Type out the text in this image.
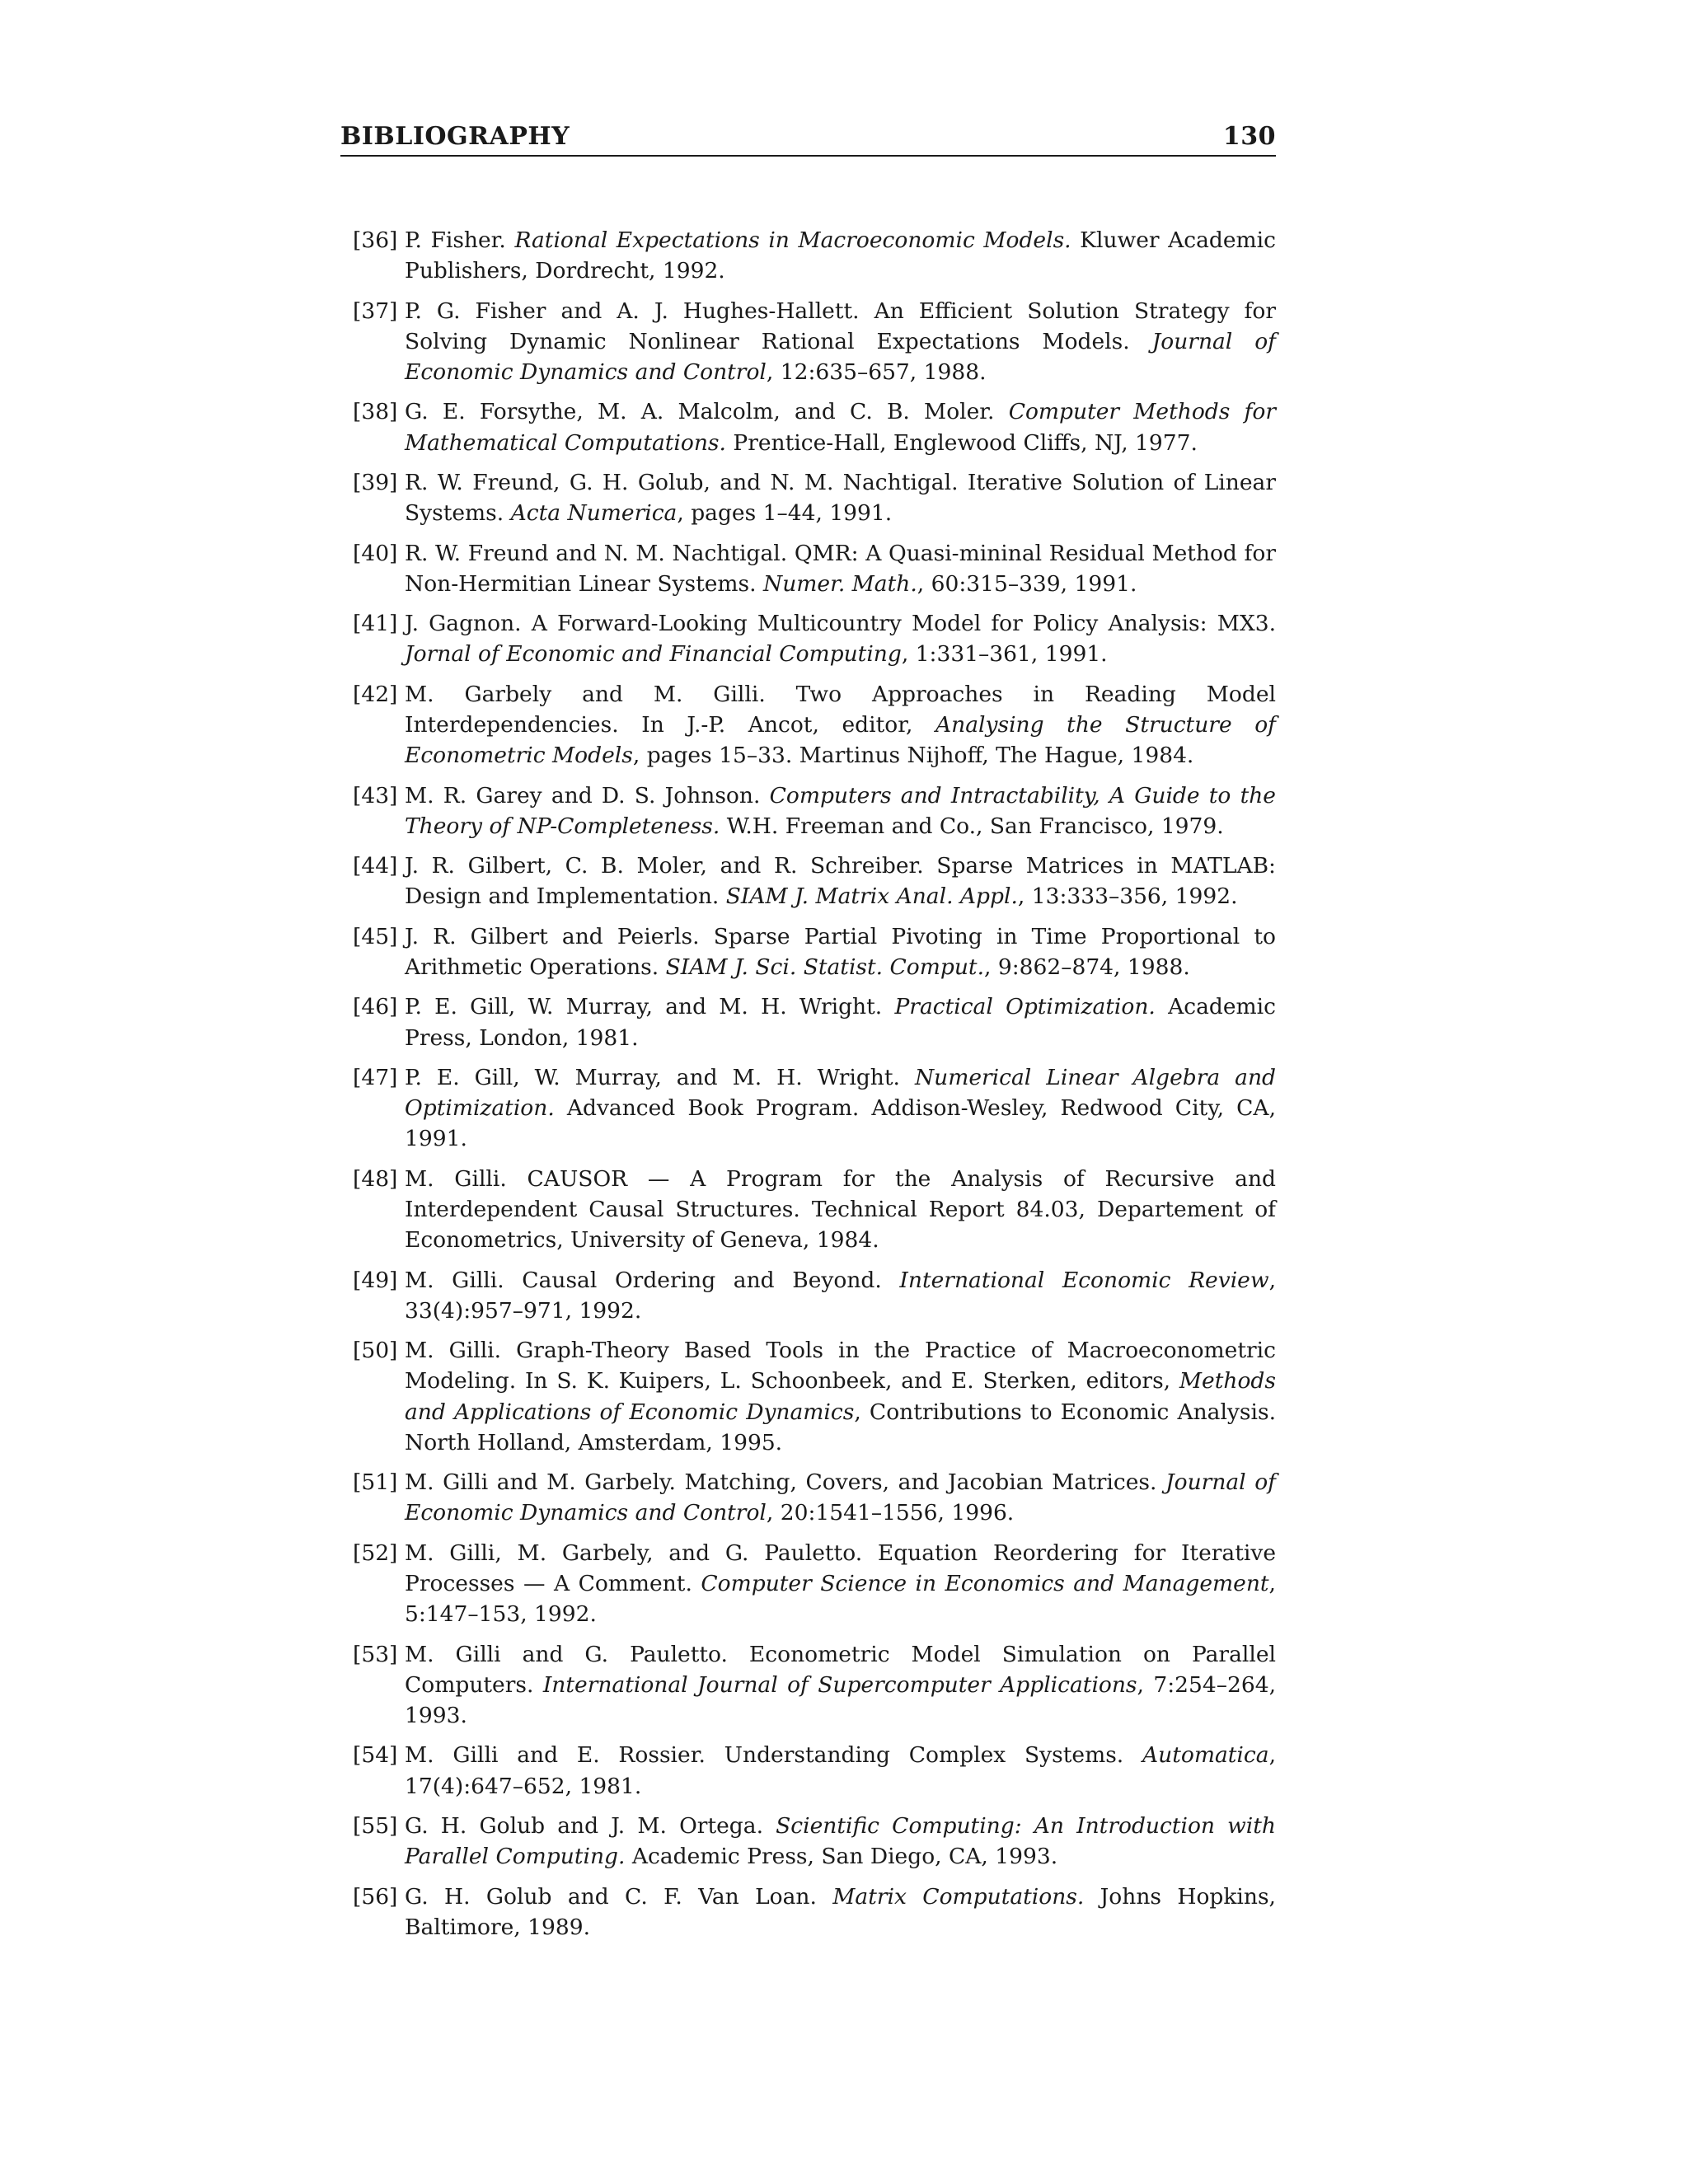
BIBLIOGRAPHY	130
[36] P. Fisher. Rational Expectations in Macroeconomic Models. Kluwer Academic Publishers, Dordrecht, 1992.
[37] P. G. Fisher and A. J. Hughes-Hallett. An Efficient Solution Strategy for Solving Dynamic Nonlinear Rational Expectations Models. Journal of Economic Dynamics and Control, 12:635–657, 1988.
[38] G. E. Forsythe, M. A. Malcolm, and C. B. Moler. Computer Methods for Mathematical Computations. Prentice-Hall, Englewood Cliffs, NJ, 1977.
[39] R. W. Freund, G. H. Golub, and N. M. Nachtigal. Iterative Solution of Linear Systems. Acta Numerica, pages 1–44, 1991.
[40] R. W. Freund and N. M. Nachtigal. QMR: A Quasi-mininal Residual Method for Non-Hermitian Linear Systems. Numer. Math., 60:315–339, 1991.
[41] J. Gagnon. A Forward-Looking Multicountry Model for Policy Analysis: MX3. Jornal of Economic and Financial Computing, 1:331–361, 1991.
[42] M. Garbely and M. Gilli. Two Approaches in Reading Model Interdependencies. In J.-P. Ancot, editor, Analysing the Structure of Econometric Models, pages 15–33. Martinus Nijhoff, The Hague, 1984.
[43] M. R. Garey and D. S. Johnson. Computers and Intractability, A Guide to the Theory of NP-Completeness. W.H. Freeman and Co., San Francisco, 1979.
[44] J. R. Gilbert, C. B. Moler, and R. Schreiber. Sparse Matrices in MATLAB: Design and Implementation. SIAM J. Matrix Anal. Appl., 13:333–356, 1992.
[45] J. R. Gilbert and Peierls. Sparse Partial Pivoting in Time Proportional to Arithmetic Operations. SIAM J. Sci. Statist. Comput., 9:862–874, 1988.
[46] P. E. Gill, W. Murray, and M. H. Wright. Practical Optimization. Academic Press, London, 1981.
[47] P. E. Gill, W. Murray, and M. H. Wright. Numerical Linear Algebra and Optimization. Advanced Book Program. Addison-Wesley, Redwood City, CA, 1991.
[48] M. Gilli. CAUSOR — A Program for the Analysis of Recursive and Interdependent Causal Structures. Technical Report 84.03, Departement of Econometrics, University of Geneva, 1984.
[49] M. Gilli. Causal Ordering and Beyond. International Economic Review, 33(4):957–971, 1992.
[50] M. Gilli. Graph-Theory Based Tools in the Practice of Macroeconometric Modeling. In S. K. Kuipers, L. Schoonbeek, and E. Sterken, editors, Methods and Applications of Economic Dynamics, Contributions to Economic Analysis. North Holland, Amsterdam, 1995.
[51] M. Gilli and M. Garbely. Matching, Covers, and Jacobian Matrices. Journal of Economic Dynamics and Control, 20:1541–1556, 1996.
[52] M. Gilli, M. Garbely, and G. Pauletto. Equation Reordering for Iterative Processes — A Comment. Computer Science in Economics and Management, 5:147–153, 1992.
[53] M. Gilli and G. Pauletto. Econometric Model Simulation on Parallel Computers. International Journal of Supercomputer Applications, 7:254–264, 1993.
[54] M. Gilli and E. Rossier. Understanding Complex Systems. Automatica, 17(4):647–652, 1981.
[55] G. H. Golub and J. M. Ortega. Scientific Computing: An Introduction with Parallel Computing. Academic Press, San Diego, CA, 1993.
[56] G. H. Golub and C. F. Van Loan. Matrix Computations. Johns Hopkins, Baltimore, 1989.
